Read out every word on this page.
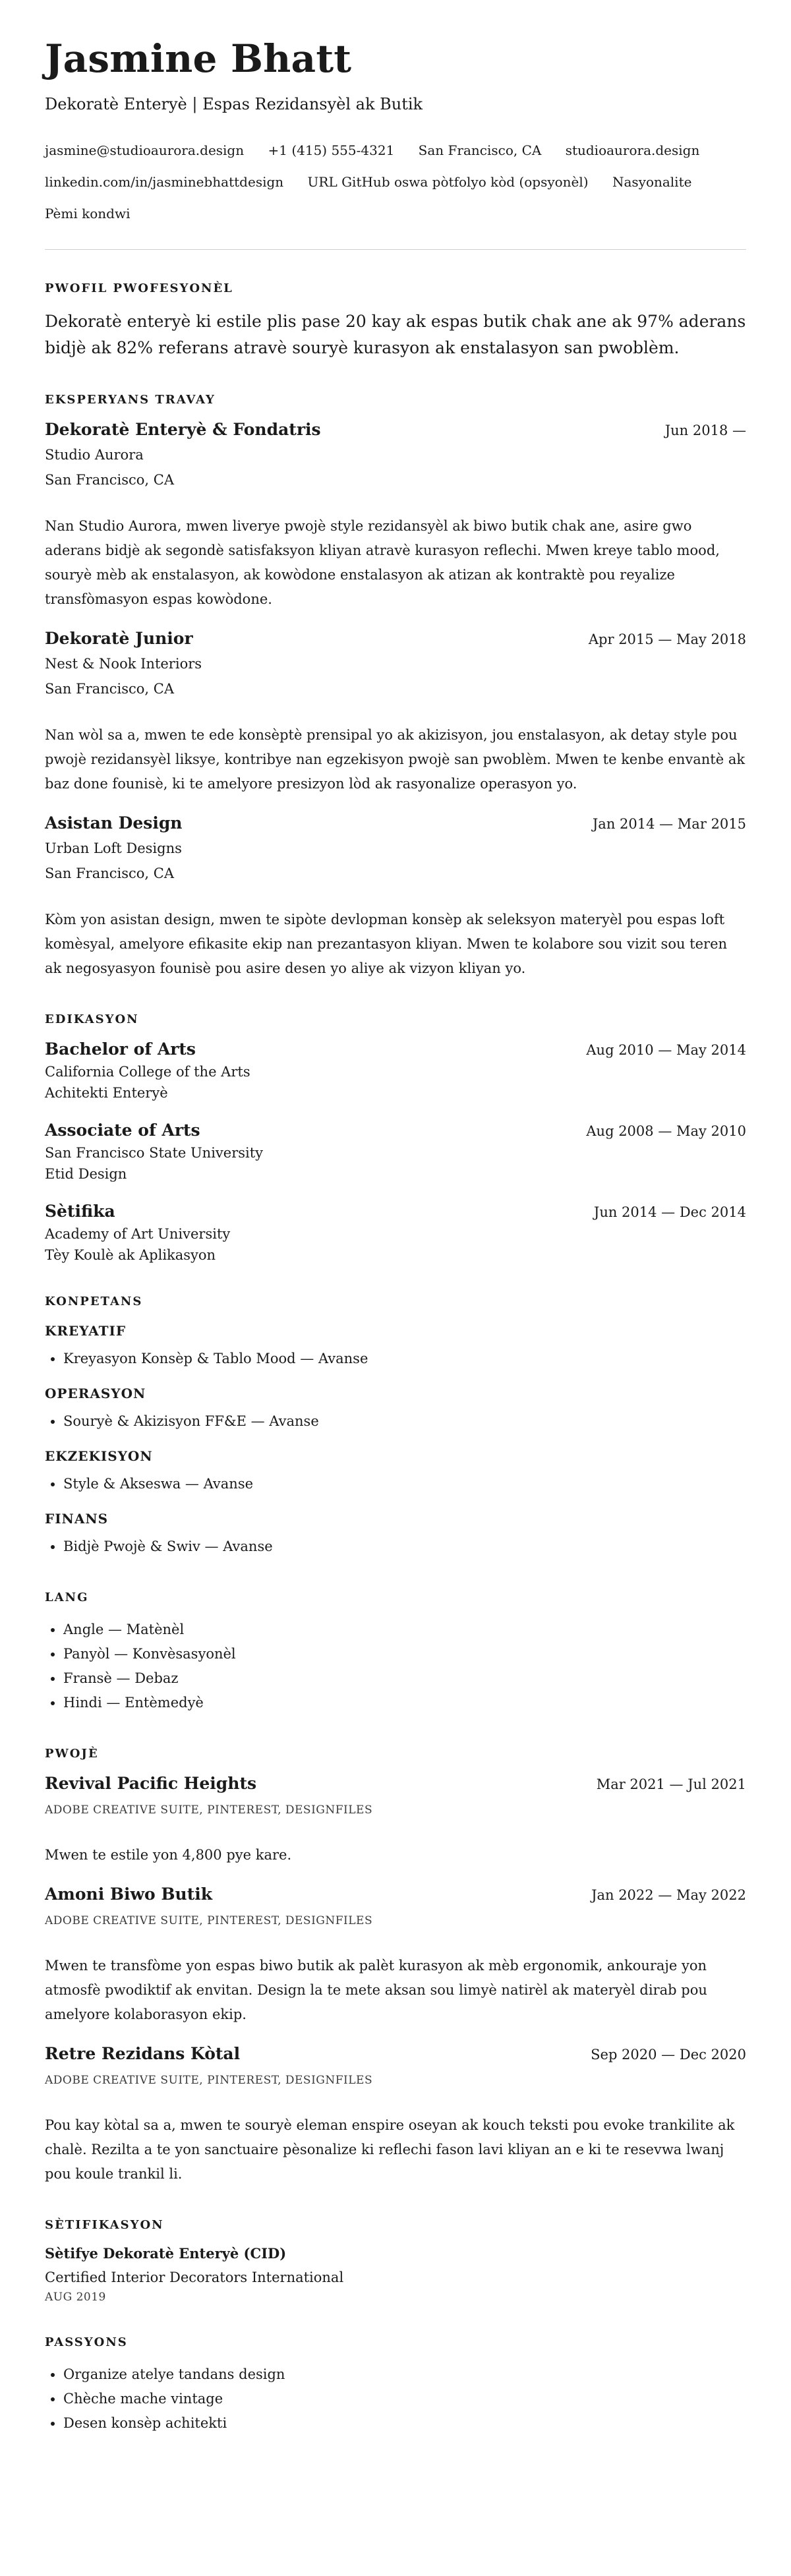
Jasmine Bhatt
Dekoratè Enteryè | Espas Rezidansyèl ak Butik
jasmine@studioaurora.design +1 (415) 555-4321 San Francisco, CA studioaurora.design
linkedin.com/in/jasminebhattdesign URL GitHub oswa pòtfolyo kòd (opsyonèl) Nasyonalite
Pèmi kondwi
PWOFIL PWOFESYONÈL
Dekoratè enteryè ki estile plis pase 20 kay ak espas butik chak ane ak 97% aderans bidjè ak 82% referans atravè souryè kurasyon ak enstalasyon san pwoblèm.
EKSPERYANS TRAVAY
Dekoratè Enteryè & Fondatris	Jun 2018 —
Studio Aurora
San Francisco, CA
Nan Studio Aurora, mwen liverye pwojè style rezidansyèl ak biwo butik chak ane, asire gwo aderans bidjè ak segondè satisfaksyon kliyan atravè kurasyon reflechi. Mwen kreye tablo mood, souryè mèb ak enstalasyon, ak kowòdone enstalasyon ak atizan ak kontraktè pou reyalize transfòmasyon espas kowòdone.
Dekoratè Junior	Apr 2015 — May 2018
Nest & Nook Interiors
San Francisco, CA
Nan wòl sa a, mwen te ede konsèptè prensipal yo ak akizisyon, jou enstalasyon, ak detay style pou pwojè rezidansyèl liksye, kontribye nan egzekisyon pwojè san pwoblèm. Mwen te kenbe envantè ak baz done founisè, ki te amelyore presizyon lòd ak rasyonalize operasyon yo.
Asistan Design	Jan 2014 — Mar 2015
Urban Loft Designs
San Francisco, CA
Kòm yon asistan design, mwen te sipòte devlopman konsèp ak seleksyon materyèl pou espas loft komèsyal, amelyore efikasite ekip nan prezantasyon kliyan. Mwen te kolabore sou vizit sou teren ak negosyasyon founisè pou asire desen yo aliye ak vizyon kliyan yo.
EDIKASYON
Bachelor of Arts	Aug 2010 — May 2014
California College of the Arts
Achitekti Enteryè
Associate of Arts	Aug 2008 — May 2010
San Francisco State University
Etid Design
Sètifika	Jun 2014 — Dec 2014
Academy of Art University
Tèy Koulè ak Aplikasyon
KONPETANS
KREYATIF
• Kreyasyon Konsèp & Tablo Mood — Avanse
OPERASYON
• Souryè & Akizisyon FF&E — Avanse
EKZEKISYON
• Style & Akseswa — Avanse
FINANS
• Bidjè Pwojè & Swiv — Avanse
LANG
• Angle — Matènèl
• Panyòl — Konvèsasyonèl
• Fransè — Debaz
• Hindi — Entèmedyè
PWOJÈ
Revival Pacific Heights	Mar 2021 — Jul 2021
ADOBE CREATIVE SUITE, PINTEREST, DESIGNFILES
Mwen te estile yon 4,800 pye kare.
Amoni Biwo Butik	Jan 2022 — May 2022
ADOBE CREATIVE SUITE, PINTEREST, DESIGNFILES
Mwen te transfòme yon espas biwo butik ak palèt kurasyon ak mèb ergonomik, ankouraje yon atmosfè pwodiktif ak envitan. Design la te mete aksan sou limyè natirèl ak materyèl dirab pou amelyore kolaborasyon ekip.
Retre Rezidans Kòtal	Sep 2020 — Dec 2020
ADOBE CREATIVE SUITE, PINTEREST, DESIGNFILES
Pou kay kòtal sa a, mwen te souryè eleman enspire oseyan ak kouch teksti pou evoke trankilite ak chalè. Rezilta a te yon sanctuaire pèsonalize ki reflechi fason lavi kliyan an e ki te resevwa lwanj pou koule trankil li.
SÈTIFIKASYON
Sètifye Dekoratè Enteryè (CID)
Certified Interior Decorators International
AUG 2019
PASSYONS
• Organize atelye tandans design
• Chèche mache vintage
• Desen konsèp achitekti
